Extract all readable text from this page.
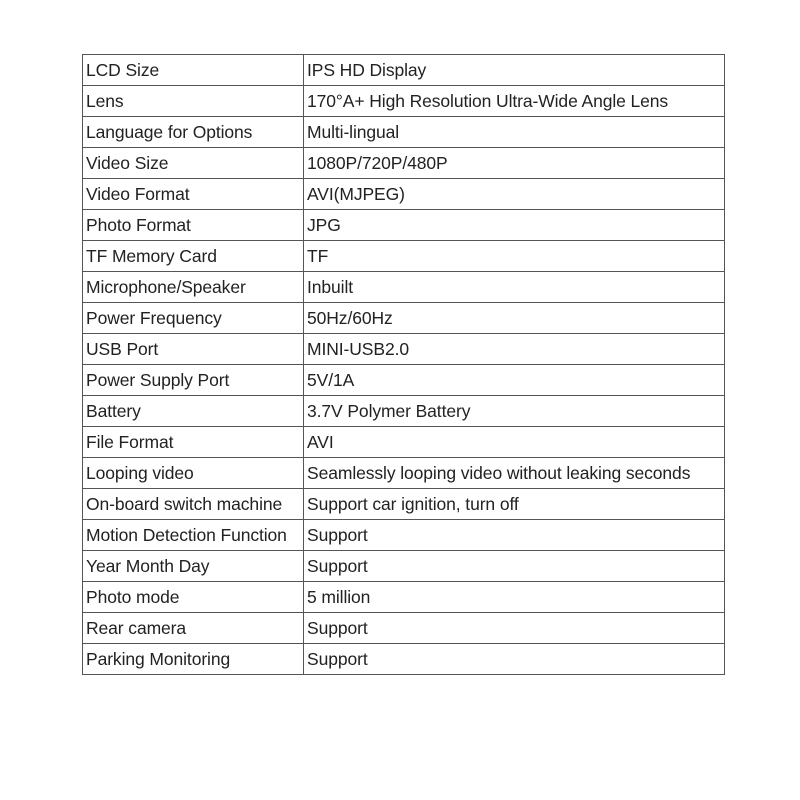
LCD Size	IPS HD Display
Lens	170°A+ High Resolution Ultra-Wide Angle Lens
Language for Options	Multi-lingual
Video Size	1080P/720P/480P
Video Format	AVI(MJPEG)
Photo Format	JPG
TF Memory Card	TF
Microphone/Speaker	Inbuilt
Power Frequency	50Hz/60Hz
USB Port	MINI-USB2.0
Power Supply Port	5V/1A
Battery	3.7V Polymer Battery
File Format	AVI
Looping video	Seamlessly looping video without leaking seconds
On-board switch machine	Support car ignition, turn off
Motion Detection Function	Support
Year Month Day	Support
Photo mode	5 million
Rear camera	Support
Parking Monitoring	Support
